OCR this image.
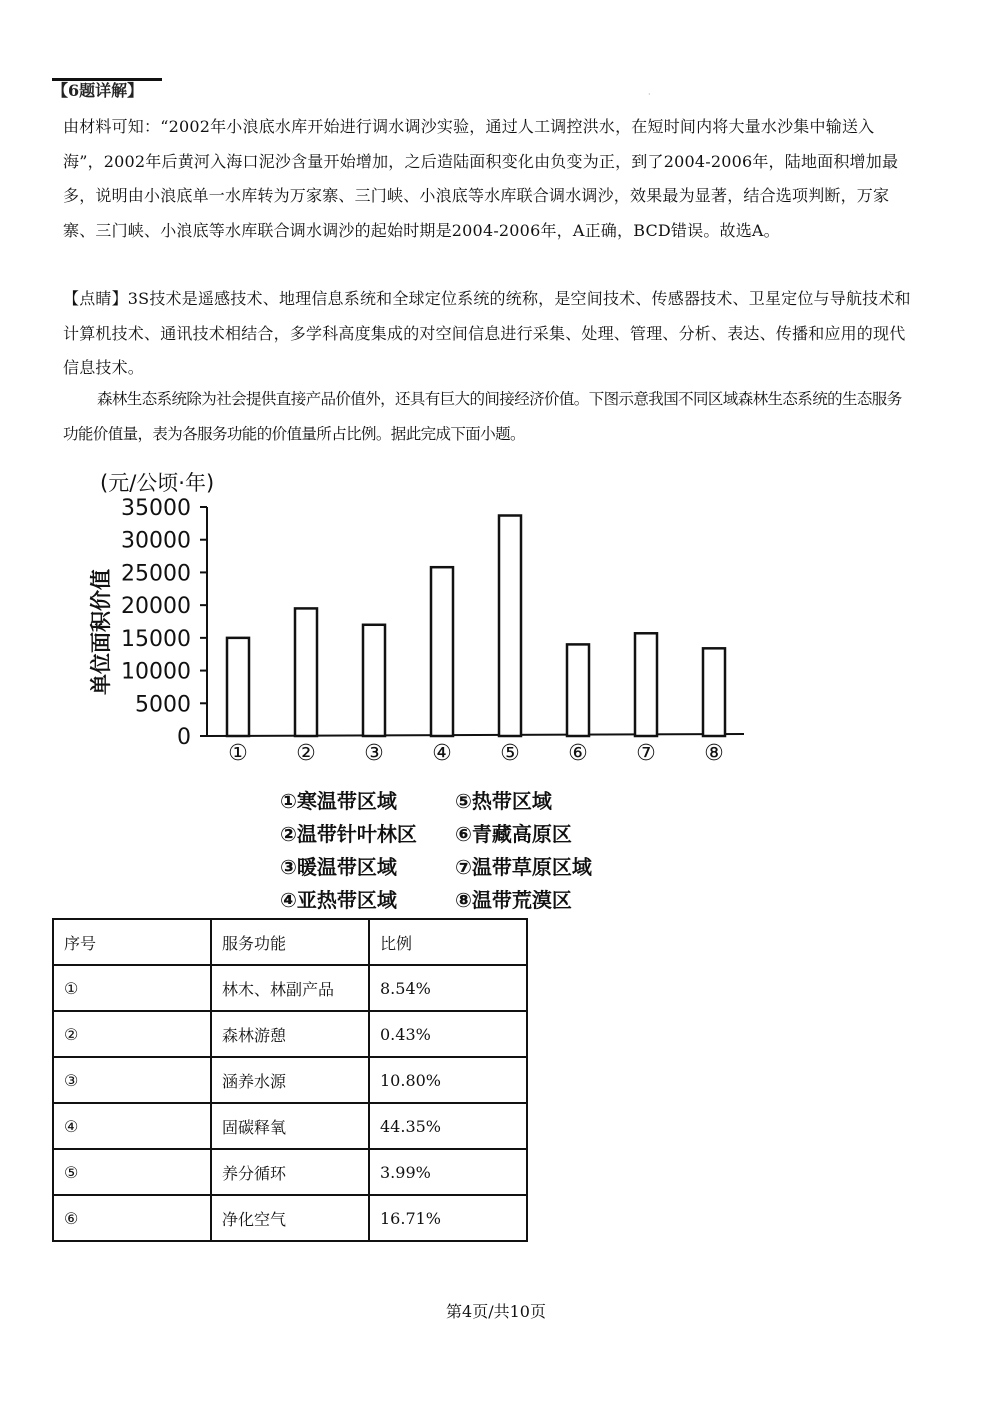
【6题详解】	·

由材料可知：“2002年小浪底水库开始进行调水调沙实验，通过人工调控洪水，在短时间内将大量水沙集中输送入海”，2002年后黄河入海口泥沙含量开始增加，之后造陆面积变化由负变为正，到了2004-2006年，陆地面积增加最多，说明由小浪底单一水库转为万家寨、三门峡、小浪底等水库联合调水调沙，效果最为显著，结合选项判断，万家寨、三门峡、小浪底等水库联合调水调沙的起始时期是2004-2006年，A正确，BCD错误。故选A。

【点睛】3S技术是遥感技术、地理信息系统和全球定位系统的统称，是空间技术、传感器技术、卫星定位与导航技术和计算机技术、通讯技术相结合，多学科高度集成的对空间信息进行采集、处理、管理、分析、表达、传播和应用的现代信息技术。

森林生态系统除为社会提供直接产品价值外，还具有巨大的间接经济价值。下图示意我国不同区域森林生态系统的生态服务功能价值量，表为各服务功能的价值量所占比例。据此完成下面小题。

(元/公顷·年)
单位面积价值
35000
30000
25000
20000
15000
10000
5000
0
① ② ③ ④ ⑤ ⑥ ⑦ ⑧
①寒温带区域
②温带针叶林区
③暖温带区域
④亚热带区域
⑤热带区域
⑥青藏高原区
⑦温带草原区域
⑧温带荒漠区
序号	服务功能	比例
①	林木、林副产品	8.54%
②	森林游憩	0.43%
③	涵养水源	10.80%
④	固碳释氧	44.35%
⑤	养分循环	3.99%
⑥	净化空气	16.71%
第4页/共10页
